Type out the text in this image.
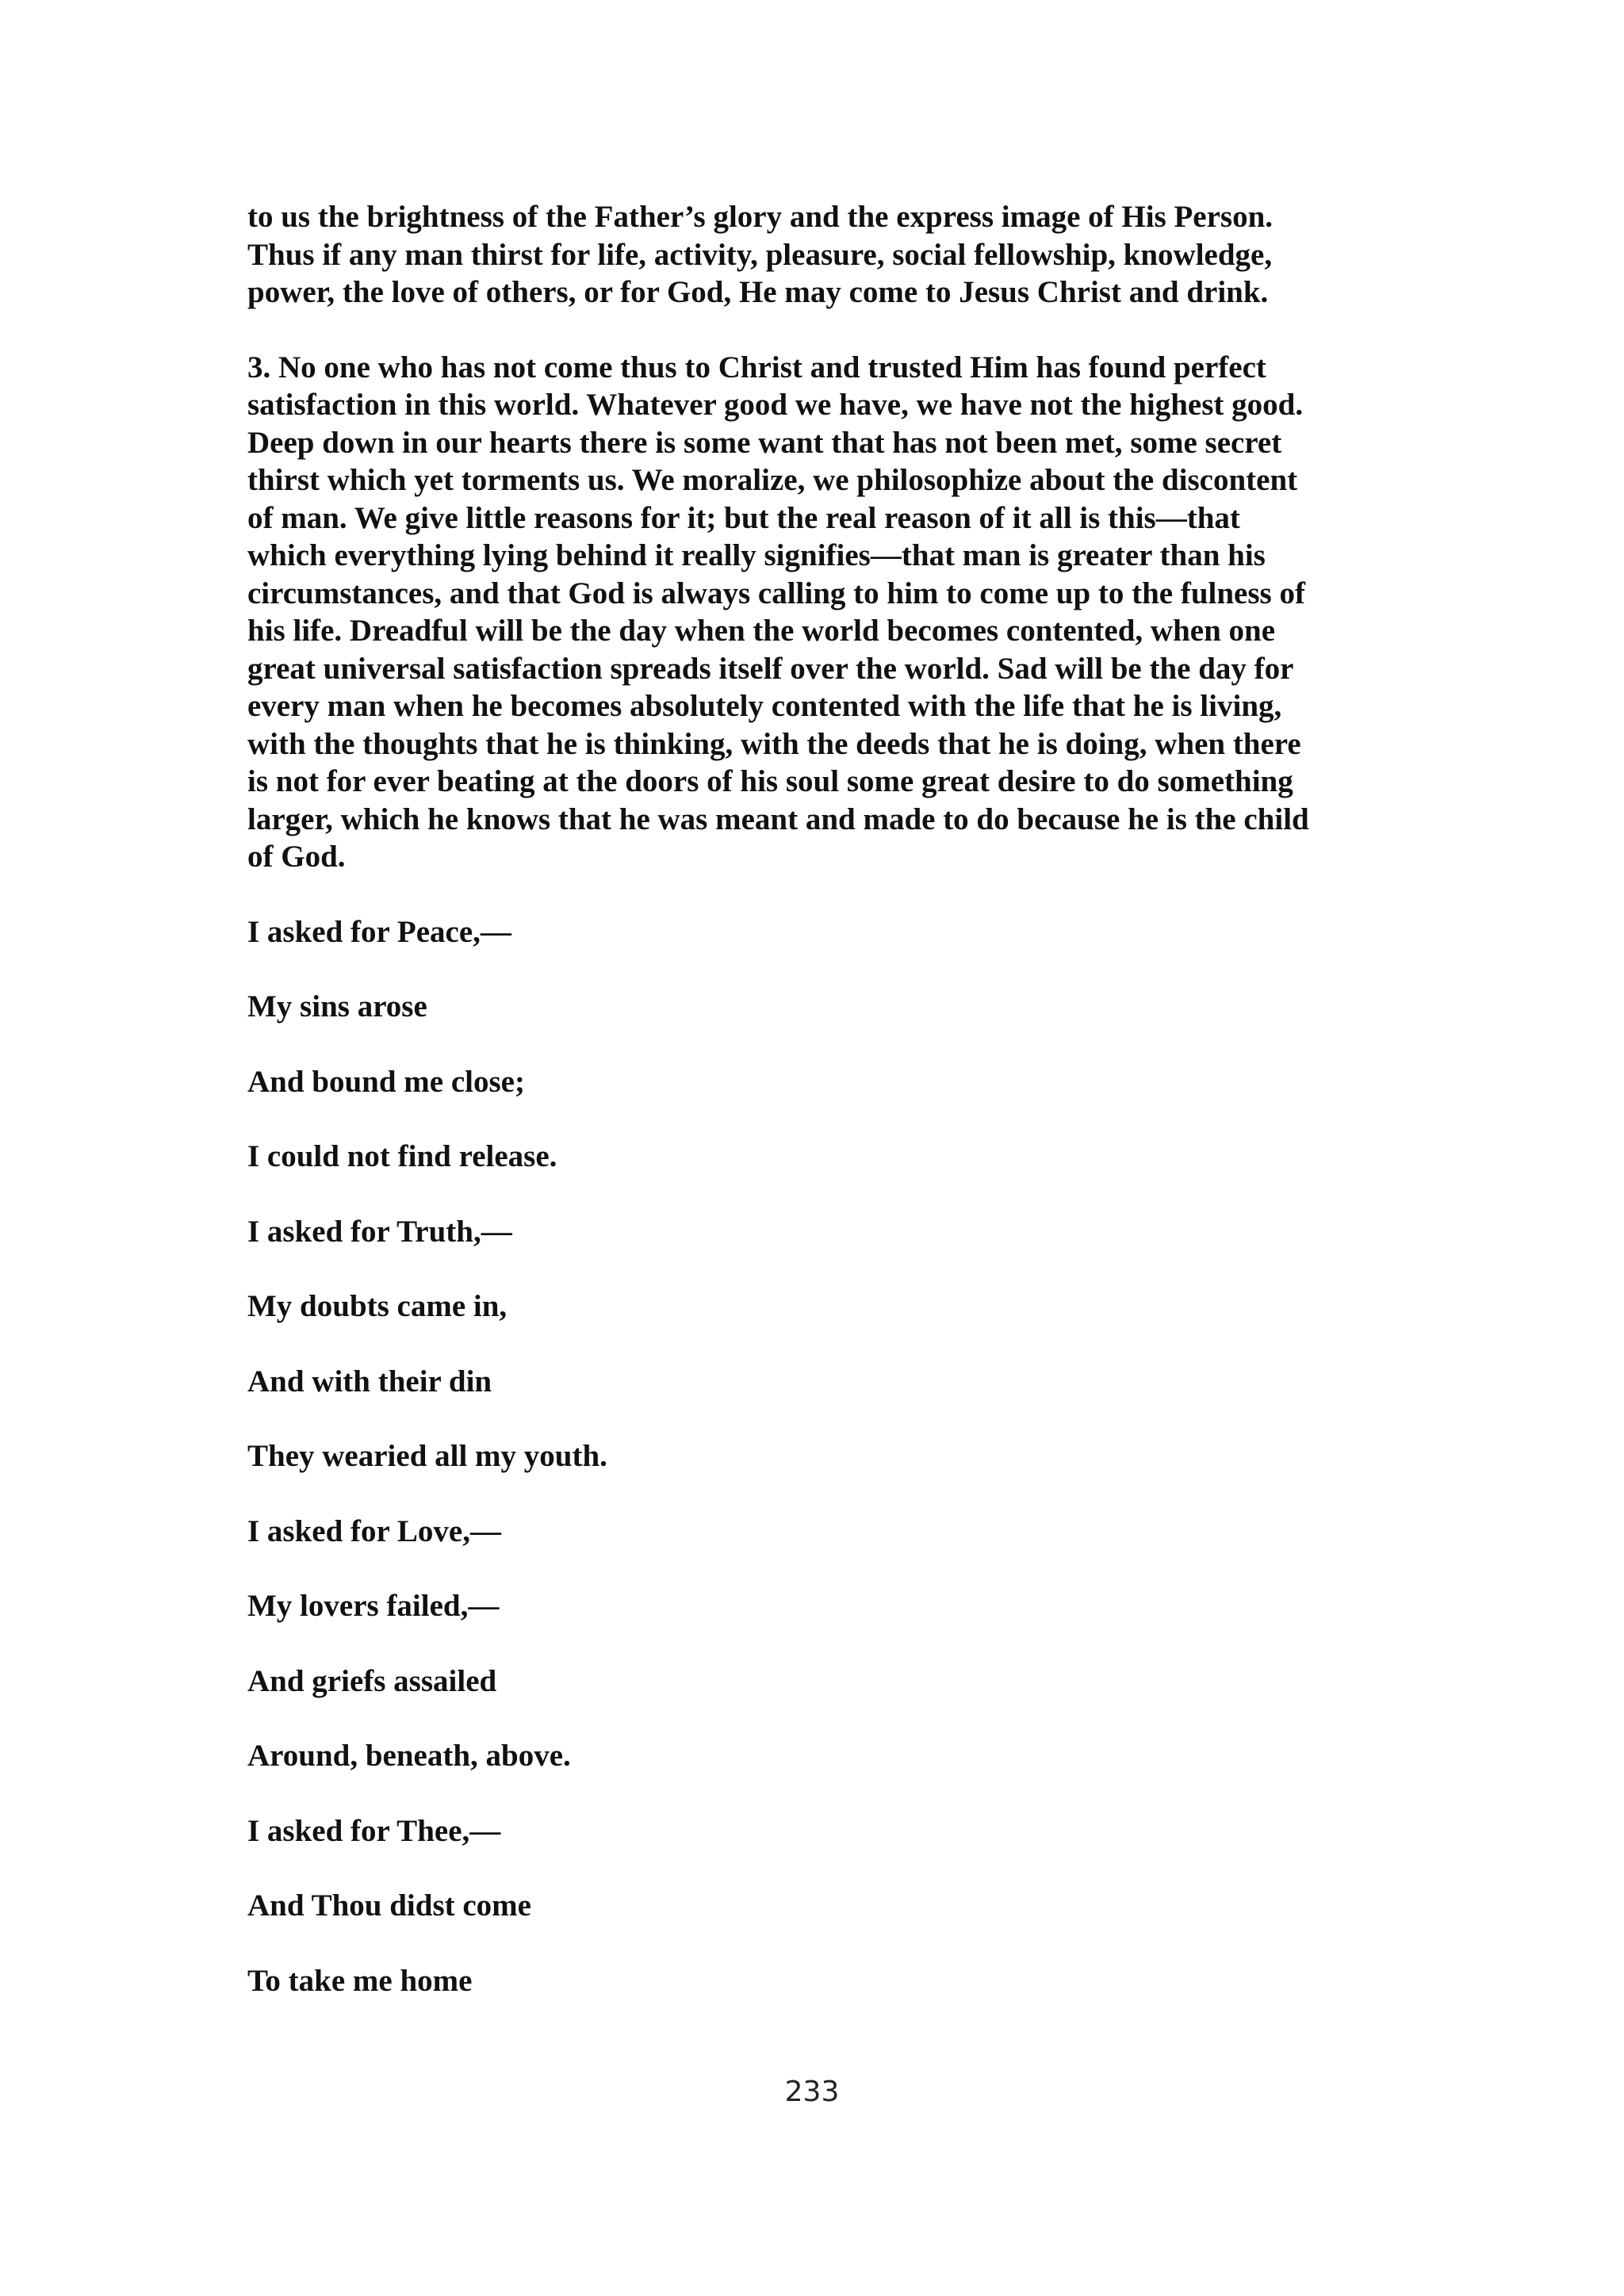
to us the brightness of the Father’s glory and the express image of His Person.
Thus if any man thirst for life, activity, pleasure, social fellowship, knowledge,
power, the love of others, or for God, He may come to Jesus Christ and drink.

3. No one who has not come thus to Christ and trusted Him has found perfect
satisfaction in this world. Whatever good we have, we have not the highest good.
Deep down in our hearts there is some want that has not been met, some secret
thirst which yet torments us. We moralize, we philosophize about the discontent
of man. We give little reasons for it; but the real reason of it all is this—that
which everything lying behind it really signifies—that man is greater than his
circumstances, and that God is always calling to him to come up to the fulness of
his life. Dreadful will be the day when the world becomes contented, when one
great universal satisfaction spreads itself over the world. Sad will be the day for
every man when he becomes absolutely contented with the life that he is living,
with the thoughts that he is thinking, with the deeds that he is doing, when there
is not for ever beating at the doors of his soul some great desire to do something
larger, which he knows that he was meant and made to do because he is the child
of God.

I asked for Peace,—

My sins arose

And bound me close;

I could not find release.

I asked for Truth,—

My doubts came in,

And with their din

They wearied all my youth.

I asked for Love,—

My lovers failed,—

And griefs assailed

Around, beneath, above.

I asked for Thee,—

And Thou didst come

To take me home

233
